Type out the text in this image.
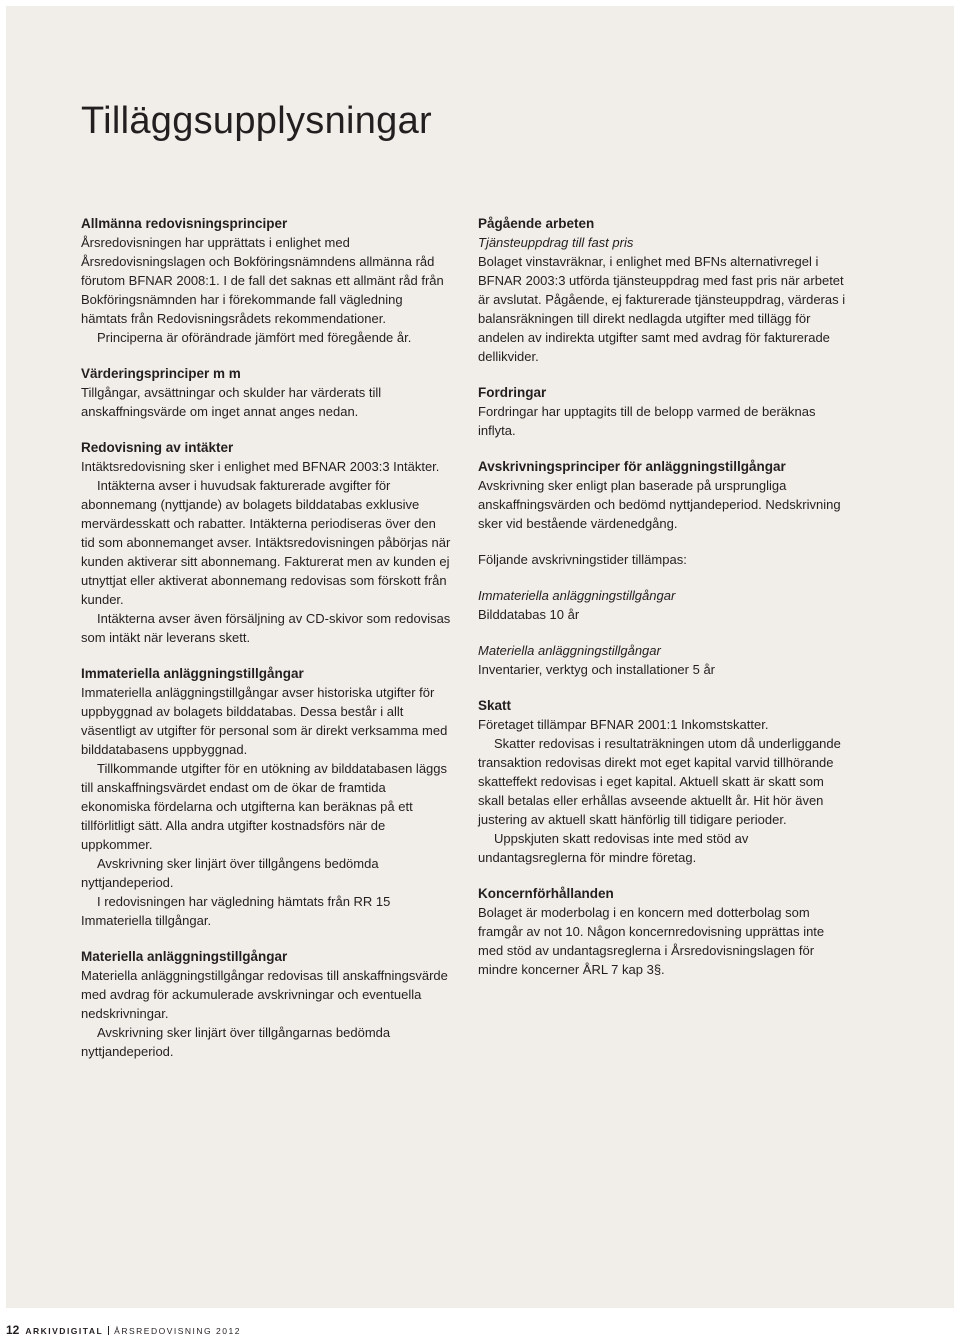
Tilläggsupplysningar
Allmänna redovisningsprinciper

Årsredovisningen har upprättats i enlighet med Årsredovisningslagen och Bokföringsnämndens allmänna råd förutom BFNAR 2008:1. I de fall det saknas ett allmänt råd från Bokföringsnämnden har i förekommande fall vägledning hämtats från Redovisningsrådets rekommendationer.

Principerna är oförändrade jämfört med föregående år.

Värderingsprinciper m m

Tillgångar, avsättningar och skulder har värderats till anskaffningsvärde om inget annat anges nedan.

Redovisning av intäkter

Intäktsredovisning sker i enlighet med BFNAR 2003:3 Intäkter.

Intäkterna avser i huvudsak fakturerade avgifter för abonnemang (nyttjande) av bolagets bilddatabas exklusive mervärdesskatt och rabatter. Intäkterna periodiseras över den tid som abonnemanget avser. Intäktsredovisningen påbörjas när kunden aktiverar sitt abonnemang. Fakturerat men av kunden ej utnyttjat eller aktiverat abonnemang redovisas som förskott från kunder.

Intäkterna avser även försäljning av CD-skivor som redovisas som intäkt när leverans skett.

Immateriella anläggningstillgångar

Immateriella anläggningstillgångar avser historiska utgifter för uppbyggnad av bolagets bilddatabas. Dessa består i allt väsentligt av utgifter för personal som är direkt verksamma med bilddatabasens uppbyggnad.

Tillkommande utgifter för en utökning av bilddatabasen läggs till anskaffningsvärdet endast om de ökar de framtida ekonomiska fördelarna och utgifterna kan beräknas på ett tillförlitligt sätt. Alla andra utgifter kostnadsförs när de uppkommer.

Avskrivning sker linjärt över tillgångens bedömda nyttjandeperiod.

I redovisningen har vägledning hämtats från RR 15 Immateriella tillgångar.

Materiella anläggningstillgångar

Materiella anläggningstillgångar redovisas till anskaffningsvärde med avdrag för ackumulerade avskrivningar och eventuella nedskrivningar.

Avskrivning sker linjärt över tillgångarnas bedömda nyttjandeperiod.

Pågående arbeten

Tjänsteuppdrag till fast pris

Bolaget vinstavräknar, i enlighet med BFNs alternativregel i BFNAR 2003:3 utförda tjänsteuppdrag med fast pris när arbetet är avslutat. Pågående, ej fakturerade tjänsteuppdrag, värderas i balansräkningen till direkt nedlagda utgifter med tillägg för andelen av indirekta utgifter samt med avdrag för fakturerade dellikvider.

Fordringar

Fordringar har upptagits till de belopp varmed de beräknas inflyta.

Avskrivningsprinciper för anläggningstillgångar

Avskrivning sker enligt plan baserade på ursprungliga anskaffningsvärden och bedömd nyttjandeperiod. Nedskrivning sker vid bestående värdenedgång.

Följande avskrivningstider tillämpas:

Immateriella anläggningstillgångar

Bilddatabas 10 år

Materiella anläggningstillgångar

Inventarier, verktyg och installationer 5 år

Skatt

Företaget tillämpar BFNAR 2001:1 Inkomstskatter.

Skatter redovisas i resultaträkningen utom då underliggande transaktion redovisas direkt mot eget kapital varvid tillhörande skatteffekt redovisas i eget kapital. Aktuell skatt är skatt som skall betalas eller erhållas avseende aktuellt år. Hit hör även justering av aktuell skatt hänförlig till tidigare perioder.

Uppskjuten skatt redovisas inte med stöd av undantagsreglerna för mindre företag.

Koncernförhållanden

Bolaget är moderbolag i en koncern med dotterbolag som framgår av not 10. Någon koncernredovisning upprättas inte med stöd av undantagsreglerna i Årsredovisningslagen för mindre koncerner ÅRL 7 kap 3§.

12 ARKIVDIGITAL ÅRSREDOVISNING 2012
